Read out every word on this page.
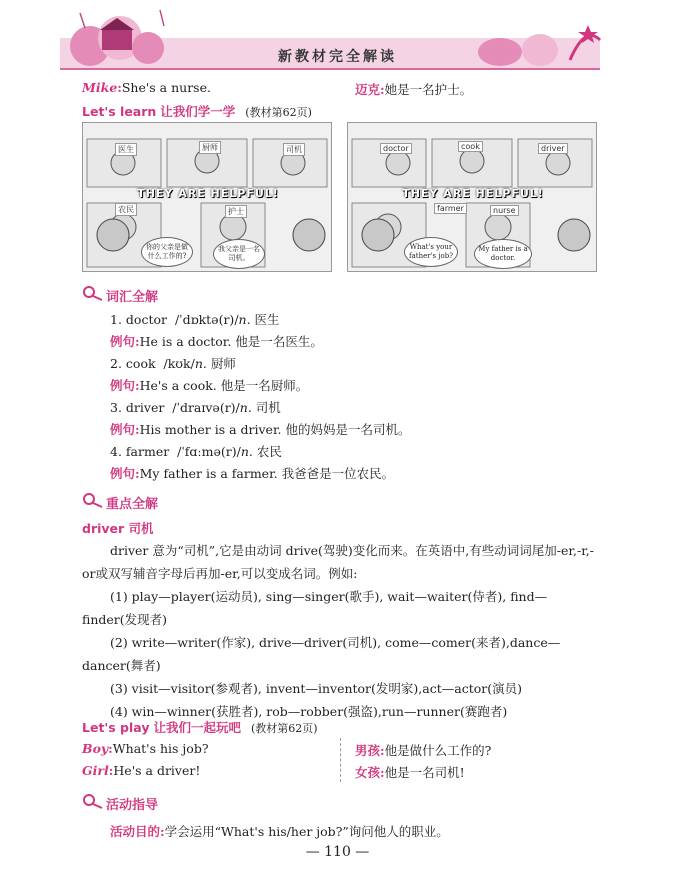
新教材完全解读
Mike:She's a nurse.	迈克:她是一名护士。
Let's learn 让我们学一学 (教材第62页)
医生	厨师	司机
农民	护士
THEY ARE HELPFUL!
你的父亲是做什么工作的?
我父亲是一名司机。
doctor	cook	driver
farmer	nurse
THEY ARE HELPFUL!
What's your father's job?
My father is a doctor.
词汇全解
1. doctor /ˈdɒktə(r)/n. 医生
例句:He is a doctor. 他是一名医生。
2. cook /kʊk/n. 厨师
例句:He's a cook. 他是一名厨师。
3. driver /ˈdraɪvə(r)/n. 司机
例句:His mother is a driver. 他的妈妈是一名司机。
4. farmer /ˈfɑːmə(r)/n. 农民
例句:My father is a farmer. 我爸爸是一位农民。
重点全解
driver 司机
driver 意为“司机”,它是由动词 drive(驾驶)变化而来。在英语中,有些动词词尾加-er,-r,-or或双写辅音字母后再加-er,可以变成名词。例如:
(1) play—player(运动员), sing—singer(歌手), wait—waiter(侍者), find—finder(发现者)
(2) write—writer(作家), drive—driver(司机), come—comer(来者),dance—dancer(舞者)
(3) visit—visitor(参观者), invent—inventor(发明家),act—actor(演员)
(4) win—winner(获胜者), rob—robber(强盗),run—runner(赛跑者)
Let's play 让我们一起玩吧 (教材第62页)
Boy:What's his job?	男孩:他是做什么工作的?
Girl:He's a driver!	女孩:他是一名司机!
活动指导
活动目的:学会运用“What's his/her job?”询问他人的职业。
— 110 —
